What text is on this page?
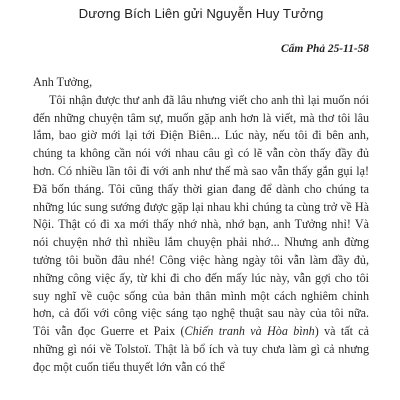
Dương Bích Liên gửi Nguyễn Huy Tưởng
Cẩm Phả 25-11-58
Anh Tưởng,

Tôi nhận được thư anh đã lâu nhưng viết cho anh thì lại muốn nói đến những chuyện tâm sự, muốn gặp anh hơn là viết, mà thơ tôi lâu lắm, bao giờ mới lại tới Điện Biên... Lúc này, nếu tôi đi bên anh, chúng ta không cần nói với nhau câu gì có lẽ vẫn còn thấy đầy đủ hơn. Có nhiều lần tôi đi với anh như thế mà sao vẫn thấy gắn gụi lạ! Đã bốn tháng. Tôi cũng thấy thời gian đang để dành cho chúng ta những lúc sung sướng được gặp lại nhau khi chúng ta cùng trở về Hà Nội. Thật có đi xa mới thấy nhớ nhà, nhớ bạn, anh Tưởng nhỉ! Và nói chuyện nhớ thì nhiều lắm chuyện phải nhớ... Nhưng anh đừng tưởng tôi buồn đâu nhé! Công việc hàng ngày tôi vẫn làm đầy đủ, những công việc ấy, từ khi đi cho đến mấy lúc này, vẫn gợi cho tôi suy nghĩ về cuộc sống của bản thân mình một cách nghiêm chỉnh hơn, cả đối với công việc sáng tạo nghệ thuật sau này của tôi nữa. Tôi vẫn đọc Guerre et Paix (Chiến tranh và Hòa bình) và tất cả những gì nói về Tolstoï. Thật là bổ ích và tuy chưa làm gì cả nhưng đọc một cuốn tiểu thuyết lớn vẫn có thể
